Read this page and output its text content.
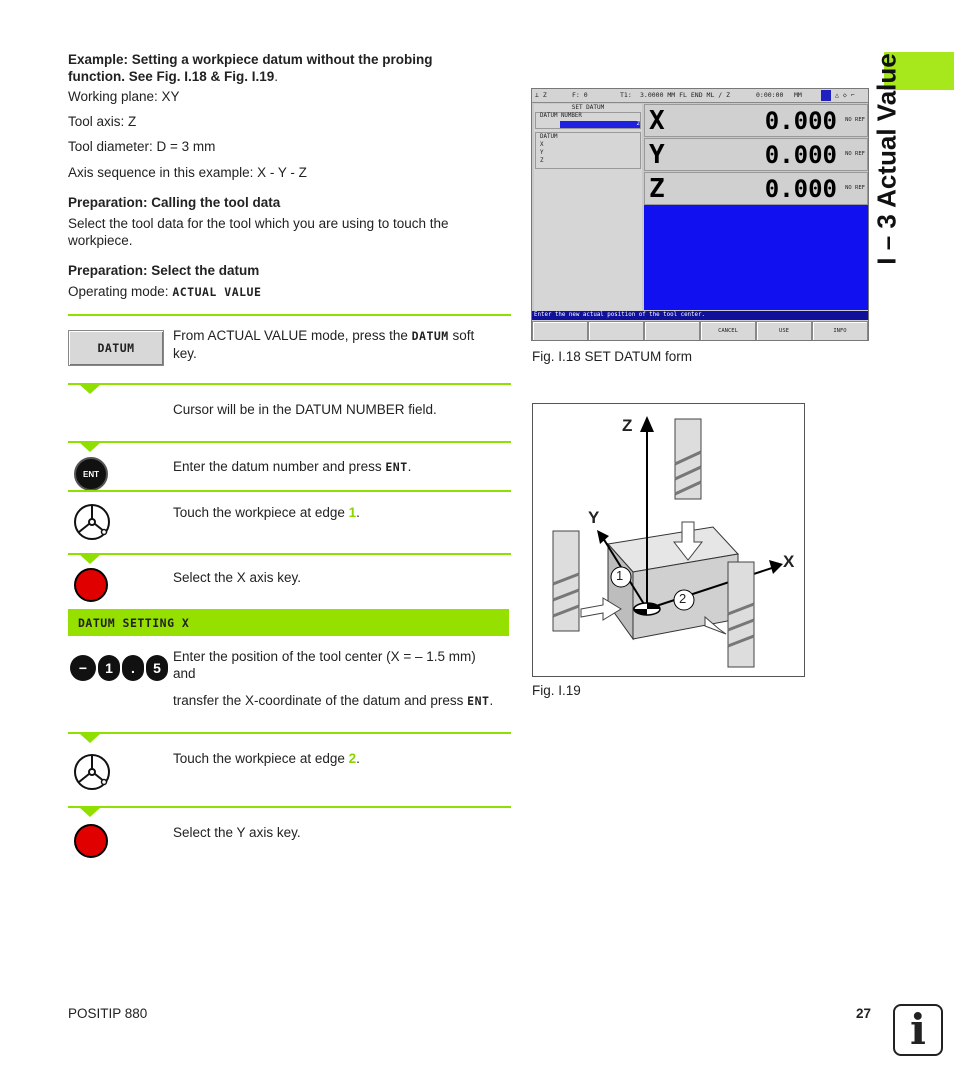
I – 3 Actual Value
Example: Setting a workpiece datum without the probing
function. See Fig. I.18 & Fig. I.19.
Working plane: XY
Tool axis: Z
Tool diameter: D = 3 mm
Axis sequence in this example: X - Y - Z
Preparation: Calling the tool data
Select the tool data for the tool which you are using to touch the
workpiece.
Preparation: Select the datum
Operating mode: ACTUAL VALUE
DATUM
From ACTUAL VALUE mode, press the DATUM soft
key.
Cursor will be in the DATUM NUMBER field.
ENT	Enter the datum number and press ENT.
Touch the workpiece at edge 1.
Select the X axis key.
DATUM SETTING X
−	1	.	5
Enter the position of the tool center (X = – 1.5 mm)
and
transfer the X-coordinate of the datum and press ENT.
Touch the workpiece at edge 2.
Select the Y axis key.
⊥ Z	F: 0	T1: 3.0000 MM FL END ML / Z	0:00:00 MM	△ ◇ ⌐
SET DATUM
DATUM NUMBER
2
DATUM
X
Y
Z
X	0.000 NO REF
Y	0.000 NO REF
Z	0.000 NO REF
Enter the new actual position of the tool center.
CANCEL	USE	INFO
Fig. I.18 SET DATUM form
Z
Y
X
1
2
Fig. I.19
POSITIP 880	27 i
